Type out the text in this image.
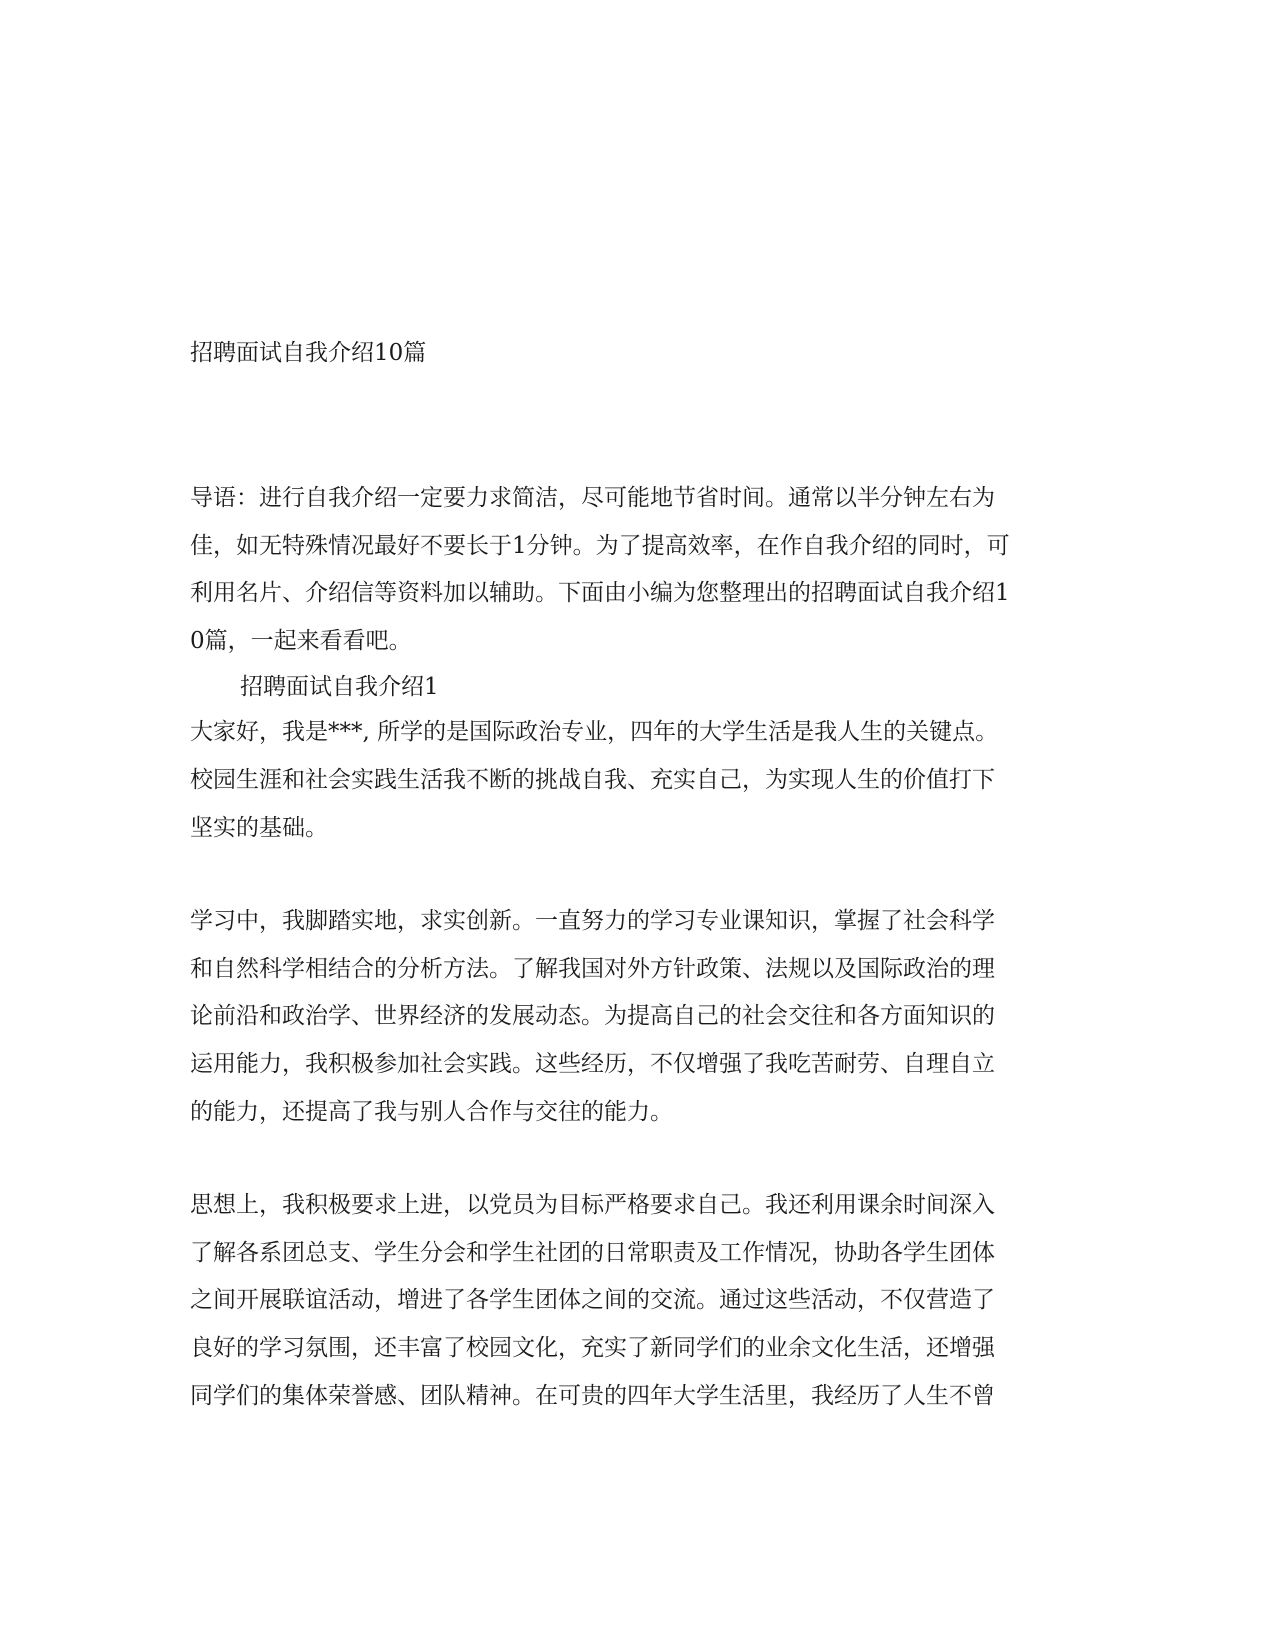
招聘面试自我介绍10篇
导语：进行自我介绍一定要力求简洁，尽可能地节省时间。通常以半分钟左右为
佳，如无特殊情况最好不要长于1分钟。为了提高效率，在作自我介绍的同时，可
利用名片、介绍信等资料加以辅助。下面由小编为您整理出的招聘面试自我介绍1
0篇，一起来看看吧。
招聘面试自我介绍1
大家好，我是***, 所学的是国际政治专业，四年的大学生活是我人生的关键点。
校园生涯和社会实践生活我不断的挑战自我、充实自己，为实现人生的价值打下
坚实的基础。
学习中，我脚踏实地，求实创新。一直努力的学习专业课知识，掌握了社会科学
和自然科学相结合的分析方法。了解我国对外方针政策、法规以及国际政治的理
论前沿和政治学、世界经济的发展动态。为提高自己的社会交往和各方面知识的
运用能力，我积极参加社会实践。这些经历，不仅增强了我吃苦耐劳、自理自立
的能力，还提高了我与别人合作与交往的能力。
思想上，我积极要求上进，以党员为目标严格要求自己。我还利用课余时间深入
了解各系团总支、学生分会和学生社团的日常职责及工作情况，协助各学生团体
之间开展联谊活动，增进了各学生团体之间的交流。通过这些活动，不仅营造了
良好的学习氛围，还丰富了校园文化，充实了新同学们的业余文化生活，还增强
同学们的集体荣誉感、团队精神。在可贵的四年大学生活里，我经历了人生不曾
